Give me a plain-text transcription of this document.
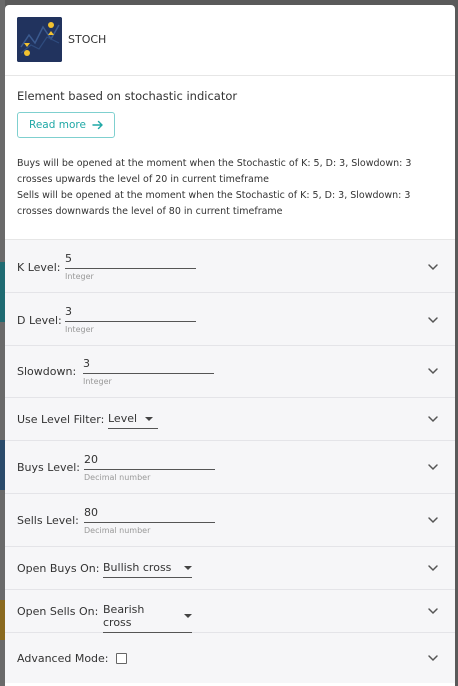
STOCH
Element based on stochastic indicator
Read more
Buys will be opened at the moment when the Stochastic of K: 5, D: 3, Slowdown: 3 crosses upwards the level of 20 in current timeframe
Sells will be opened at the moment when the Stochastic of K: 5, D: 3, Slowdown: 3 crosses downwards the level of 80 in current timeframe
K Level:
5
Integer
D Level:
3
Integer
Slowdown:
3
Integer
Use Level Filter: Level
Buys Level:
20
Decimal number
Sells Level:
80
Decimal number
Open Buys On: Bullish cross
Open Sells On: Bearish cross
Advanced Mode:
